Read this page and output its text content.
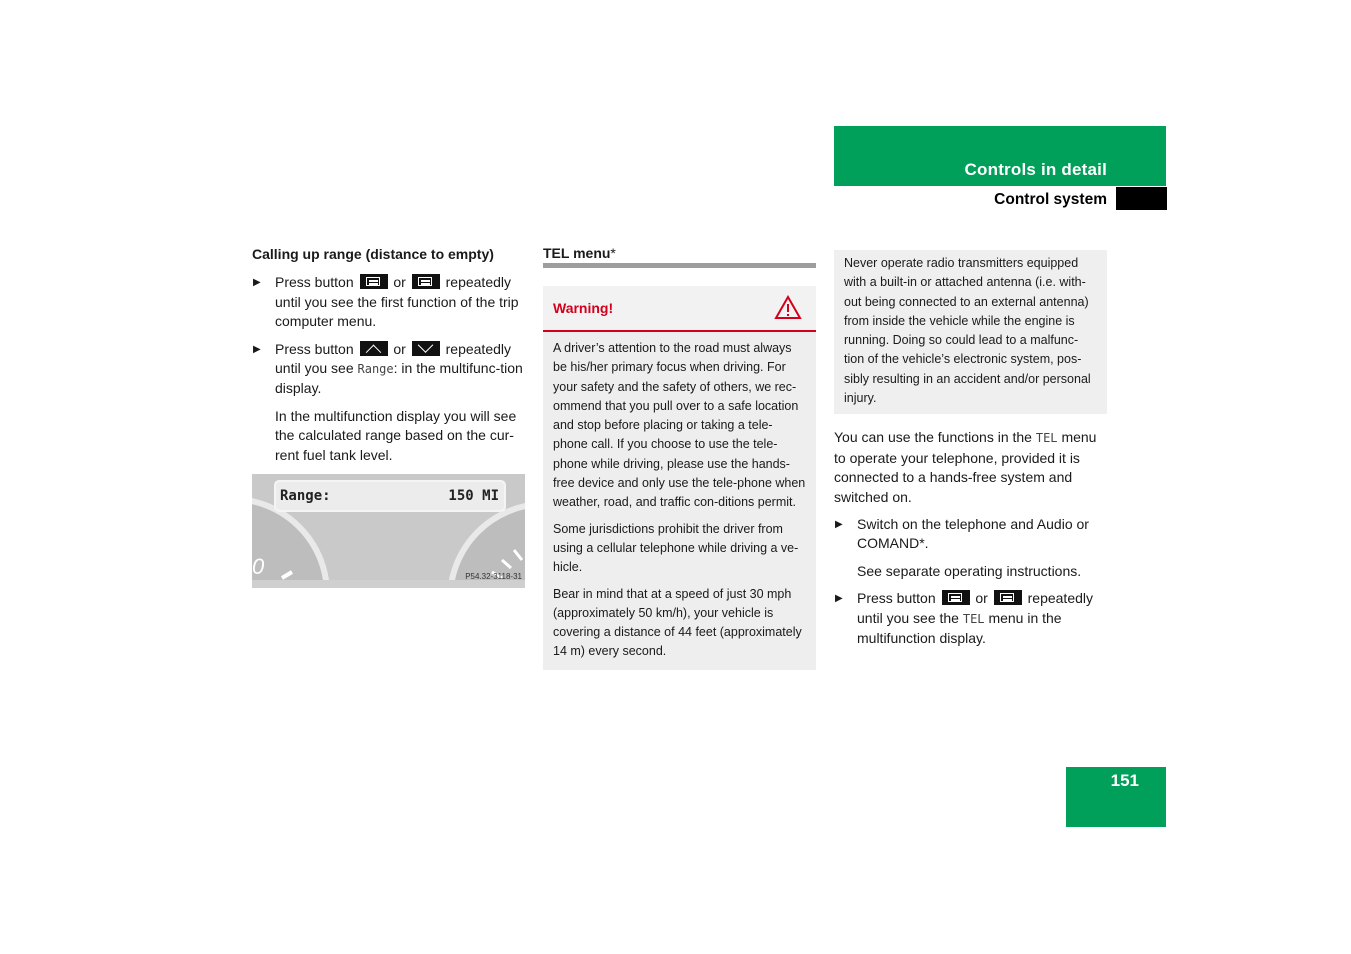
Controls in detail
Control system
Calling up range (distance to empty)
▶ Press button	or	repeatedly until you see the first function of the trip computer menu.
▶ Press button	or	repeatedly until you see Range: in the multifunc-tion display.
In the multifunction display you will see the calculated range based on the cur-rent fuel tank level.
0
Range:	150 MI
P54.32-3118-31
TEL menu*
Warning!

A driver’s attention to the road must always be his/her primary focus when driving. For your safety and the safety of others, we rec-ommend that you pull over to a safe location and stop before placing or taking a tele-phone call. If you choose to use the tele-phone while driving, please use the hands-free device and only use the tele-phone when weather, road, and traffic con-ditions permit.

Some jurisdictions prohibit the driver from using a cellular telephone while driving a ve-hicle.

Bear in mind that at a speed of just 30 mph (approximately 50 km/h), your vehicle is covering a distance of 44 feet (approximately 14 m) every second.

Never operate radio transmitters equipped with a built-in or attached antenna (i.e. with-out being connected to an external antenna) from inside the vehicle while the engine is running. Doing so could lead to a malfunc-tion of the vehicle’s electronic system, pos-sibly resulting in an accident and/or personal injury.
You can use the functions in the TEL menu to operate your telephone, provided it is connected to a hands-free system and switched on.
▶ Switch on the telephone and Audio or COMAND*.
See separate operating instructions.
▶ Press button	or	repeatedly until you see the TEL menu in the multifunction display.
151
